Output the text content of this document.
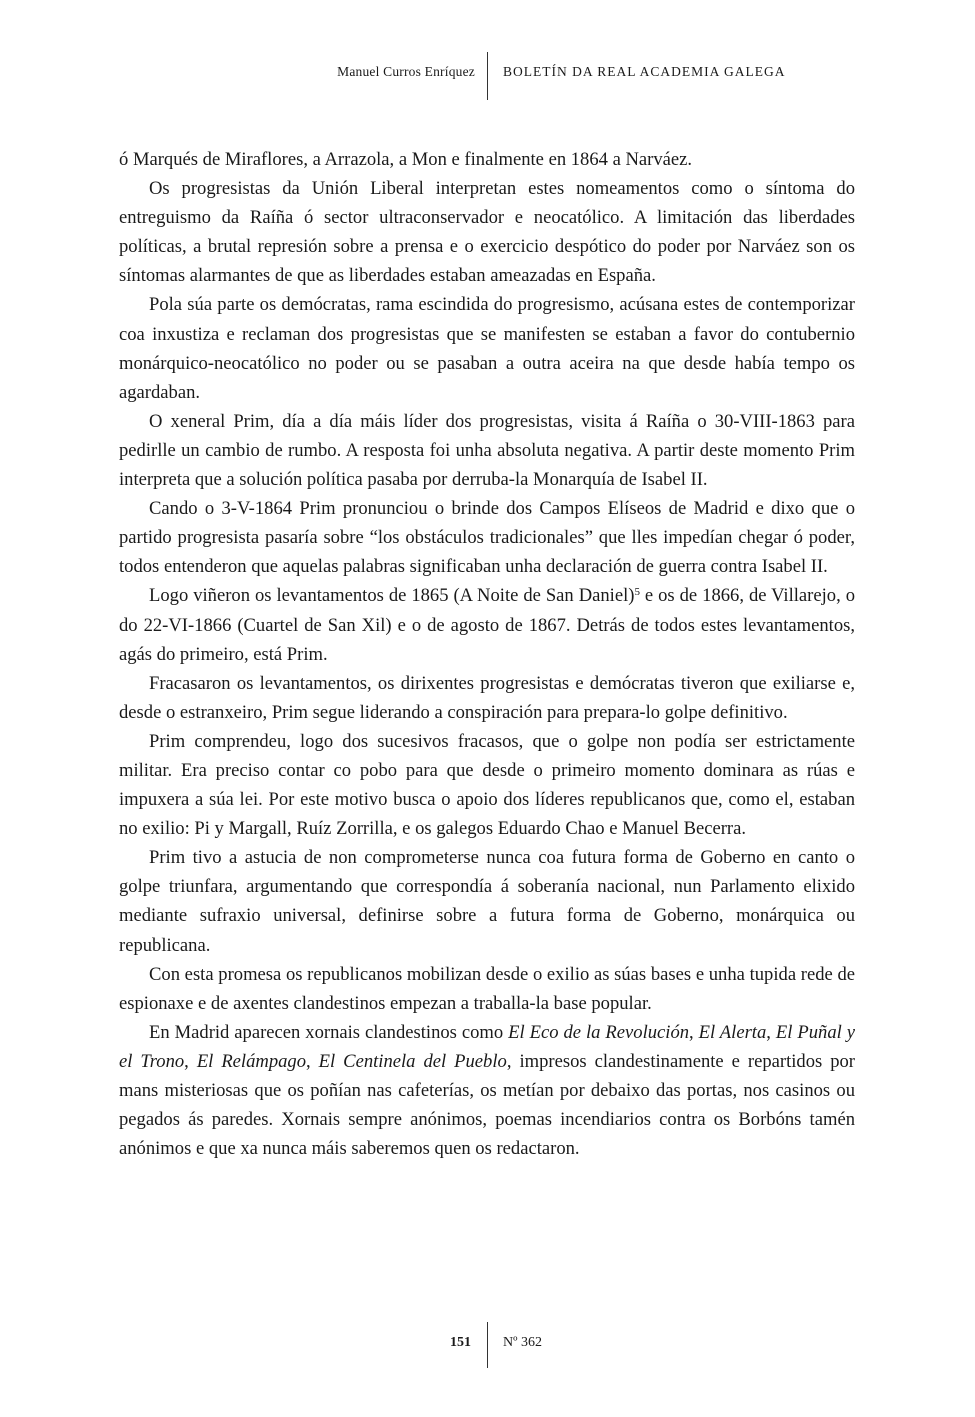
Manuel Curros Enríquez BOLETÍN DA REAL ACADEMIA GALEGA

ó Marqués de Miraflores, a Arrazola, a Mon e finalmente en 1864 a Narváez.

Os progresistas da Unión Liberal interpretan estes nomeamentos como o síntoma do entreguismo da Raíña ó sector ultraconservador e neocatólico. A limitación das liberdades políticas, a brutal represión sobre a prensa e o exercicio despótico do poder por Narváez son os síntomas alarmantes de que as liberdades estaban ameazadas en España.

Pola súa parte os demócratas, rama escindida do progresismo, acúsana estes de contemporizar coa inxustiza e reclaman dos progresistas que se manifesten se estaban a favor do contubernio monárquico-neocatólico no poder ou se pasaban a outra aceira na que desde había tempo os agardaban.

O xeneral Prim, día a día máis líder dos progresistas, visita á Raíña o 30-VIII-1863 para pedirlle un cambio de rumbo. A resposta foi unha absoluta negativa. A partir deste momento Prim interpreta que a solución política pasaba por derruba-la Monarquía de Isabel II.

Cando o 3-V-1864 Prim pronunciou o brinde dos Campos Elíseos de Madrid e dixo que o partido progresista pasaría sobre “los obstáculos tradicionales” que lles impedían chegar ó poder, todos entenderon que aquelas palabras significaban unha declaración de guerra contra Isabel II.

Logo viñeron os levantamentos de 1865 (A Noite de San Daniel)$^5$ e os de 1866, de Villarejo, o do 22-VI-1866 (Cuartel de San Xil) e o de agosto de 1867. Detrás de todos estes levantamentos, agás do primeiro, está Prim.

Fracasaron os levantamentos, os dirixentes progresistas e demócratas tiveron que exiliarse e, desde o estranxeiro, Prim segue liderando a conspiración para prepara-lo golpe definitivo.

Prim comprendeu, logo dos sucesivos fracasos, que o golpe non podía ser estrictamente militar. Era preciso contar co pobo para que desde o primeiro momento dominara as rúas e impuxera a súa lei. Por este motivo busca o apoio dos líderes republicanos que, como el, estaban no exilio: Pi y Margall, Ruíz Zorrilla, e os galegos Eduardo Chao e Manuel Becerra.

Prim tivo a astucia de non comprometerse nunca coa futura forma de Goberno en canto o golpe triunfara, argumentando que correspondía á soberanía nacional, nun Parlamento elixido mediante sufraxio universal, definirse sobre a futura forma de Goberno, monárquica ou republicana.

Con esta promesa os republicanos mobilizan desde o exilio as súas bases e unha tupida rede de espionaxe e de axentes clandestinos empezan a traballa-la base popular.

En Madrid aparecen xornais clandestinos como El Eco de la Revolución, El Alerta, El Puñal y el Trono, El Relámpago, El Centinela del Pueblo, impresos clandestinamente e repartidos por mans misteriosas que os poñían nas cafeterías, os metían por debaixo das portas, nos casinos ou pegados ás paredes. Xornais sempre anónimos, poemas incendiarios contra os Borbóns tamén anónimos e que xa nunca máis saberemos quen os redactaron.

151 Nº 362
